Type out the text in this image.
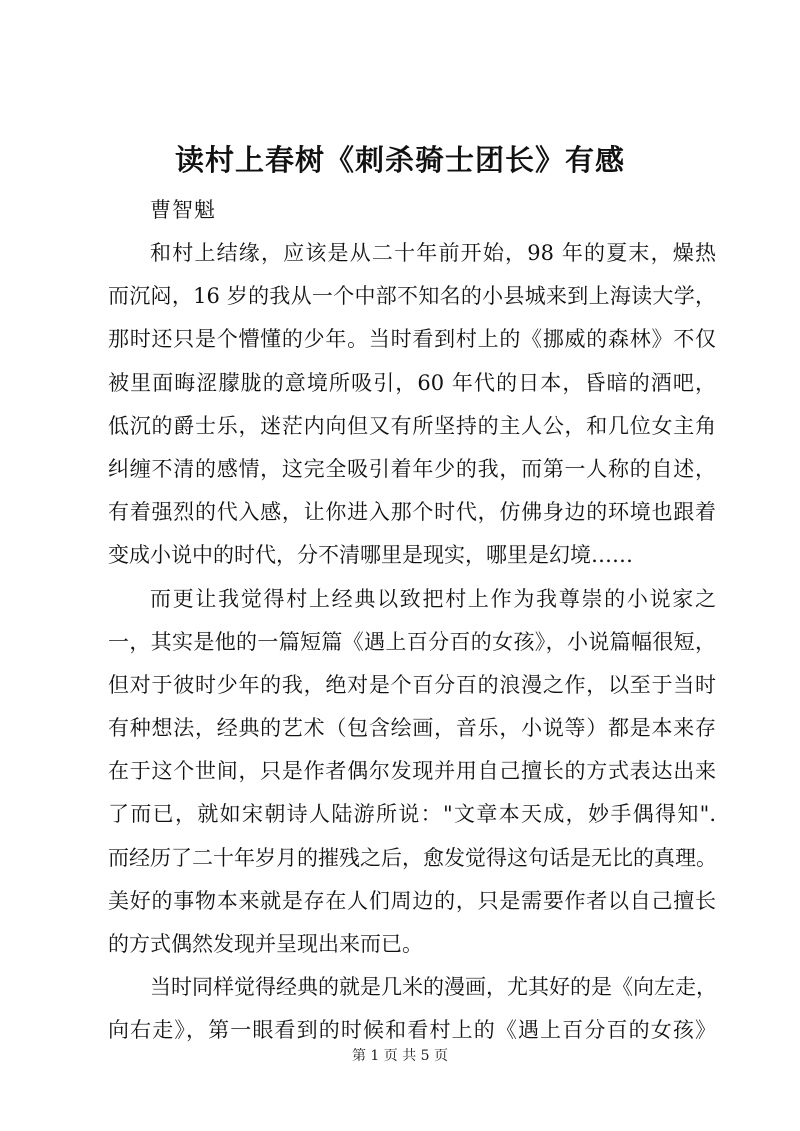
读村上春树《刺杀骑士团长》有感
曹智魁
和村上结缘，应该是从二十年前开始，98 年的夏末，燥热
而沉闷，16 岁的我从一个中部不知名的小县城来到上海读大学，
那时还只是个懵懂的少年。当时看到村上的《挪威的森林》不仅
被里面晦涩朦胧的意境所吸引，60 年代的日本，昏暗的酒吧，
低沉的爵士乐，迷茫内向但又有所坚持的主人公，和几位女主角
纠缠不清的感情，这完全吸引着年少的我，而第一人称的自述，
有着强烈的代入感，让你进入那个时代，仿佛身边的环境也跟着
变成小说中的时代，分不清哪里是现实，哪里是幻境……
而更让我觉得村上经典以致把村上作为我尊崇的小说家之
一，其实是他的一篇短篇《遇上百分百的女孩》，小说篇幅很短，
但对于彼时少年的我，绝对是个百分百的浪漫之作，以至于当时
有种想法，经典的艺术（包含绘画，音乐，小说等）都是本来存
在于这个世间，只是作者偶尔发现并用自己擅长的方式表达出来
了而已，就如宋朝诗人陆游所说："文章本天成，妙手偶得知".
而经历了二十年岁月的摧残之后，愈发觉得这句话是无比的真理。
美好的事物本来就是存在人们周边的，只是需要作者以自己擅长
的方式偶然发现并呈现出来而已。
当时同样觉得经典的就是几米的漫画，尤其好的是《向左走，
向右走》，第一眼看到的时候和看村上的《遇上百分百的女孩》
第 1 页 共 5 页
